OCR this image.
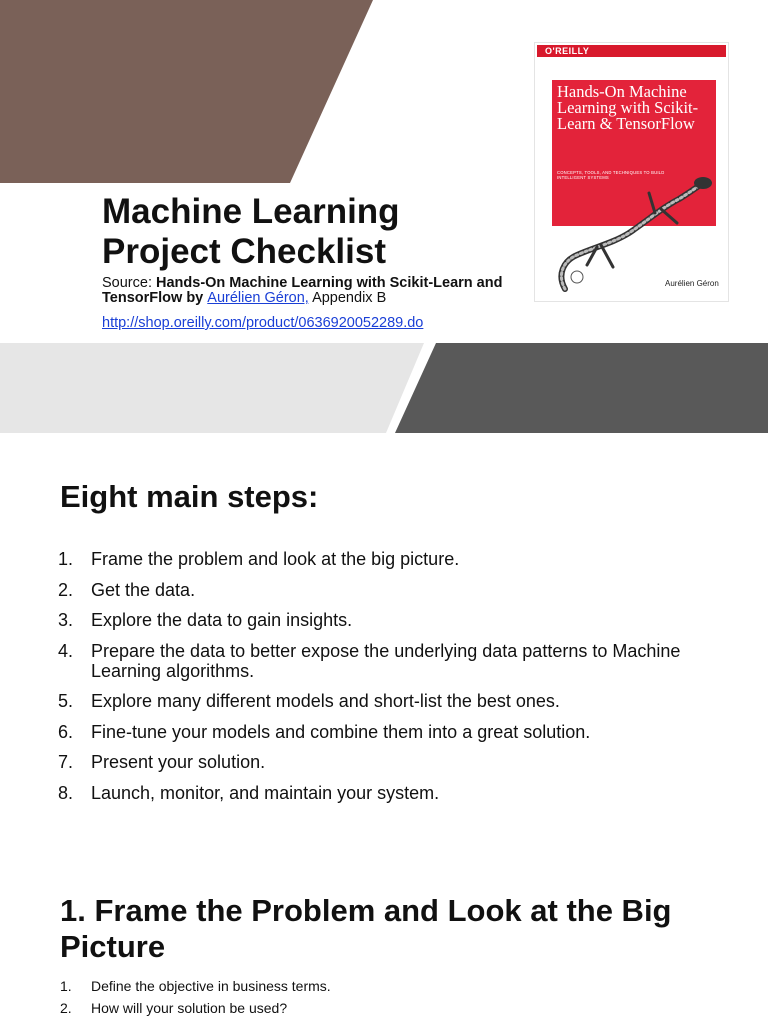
Machine Learning
Project Checklist

Source: Hands-On Machine Learning with Scikit-Learn and TensorFlow by Aurélien Géron, Appendix B

http://shop.oreilly.com/product/0636920052289.do

O'REILLY

Hands-On Machine Learning with Scikit-Learn & TensorFlow

CONCEPTS, TOOLS, AND TECHNIQUES TO BUILD INTELLIGENT SYSTEMS

Aurélien Géron
Eight main steps:
1. Frame the problem and look at the big picture.
2. Get the data.
3. Explore the data to gain insights.
4. Prepare the data to better expose the underlying data patterns to Machine Learning algorithms.
5. Explore many different models and short-list the best ones.
6. Fine-tune your models and combine them into a great solution.
7. Present your solution.
8. Launch, monitor, and maintain your system.
1. Frame the Problem and Look at the Big Picture
1. Define the objective in business terms.
2. How will your solution be used?
